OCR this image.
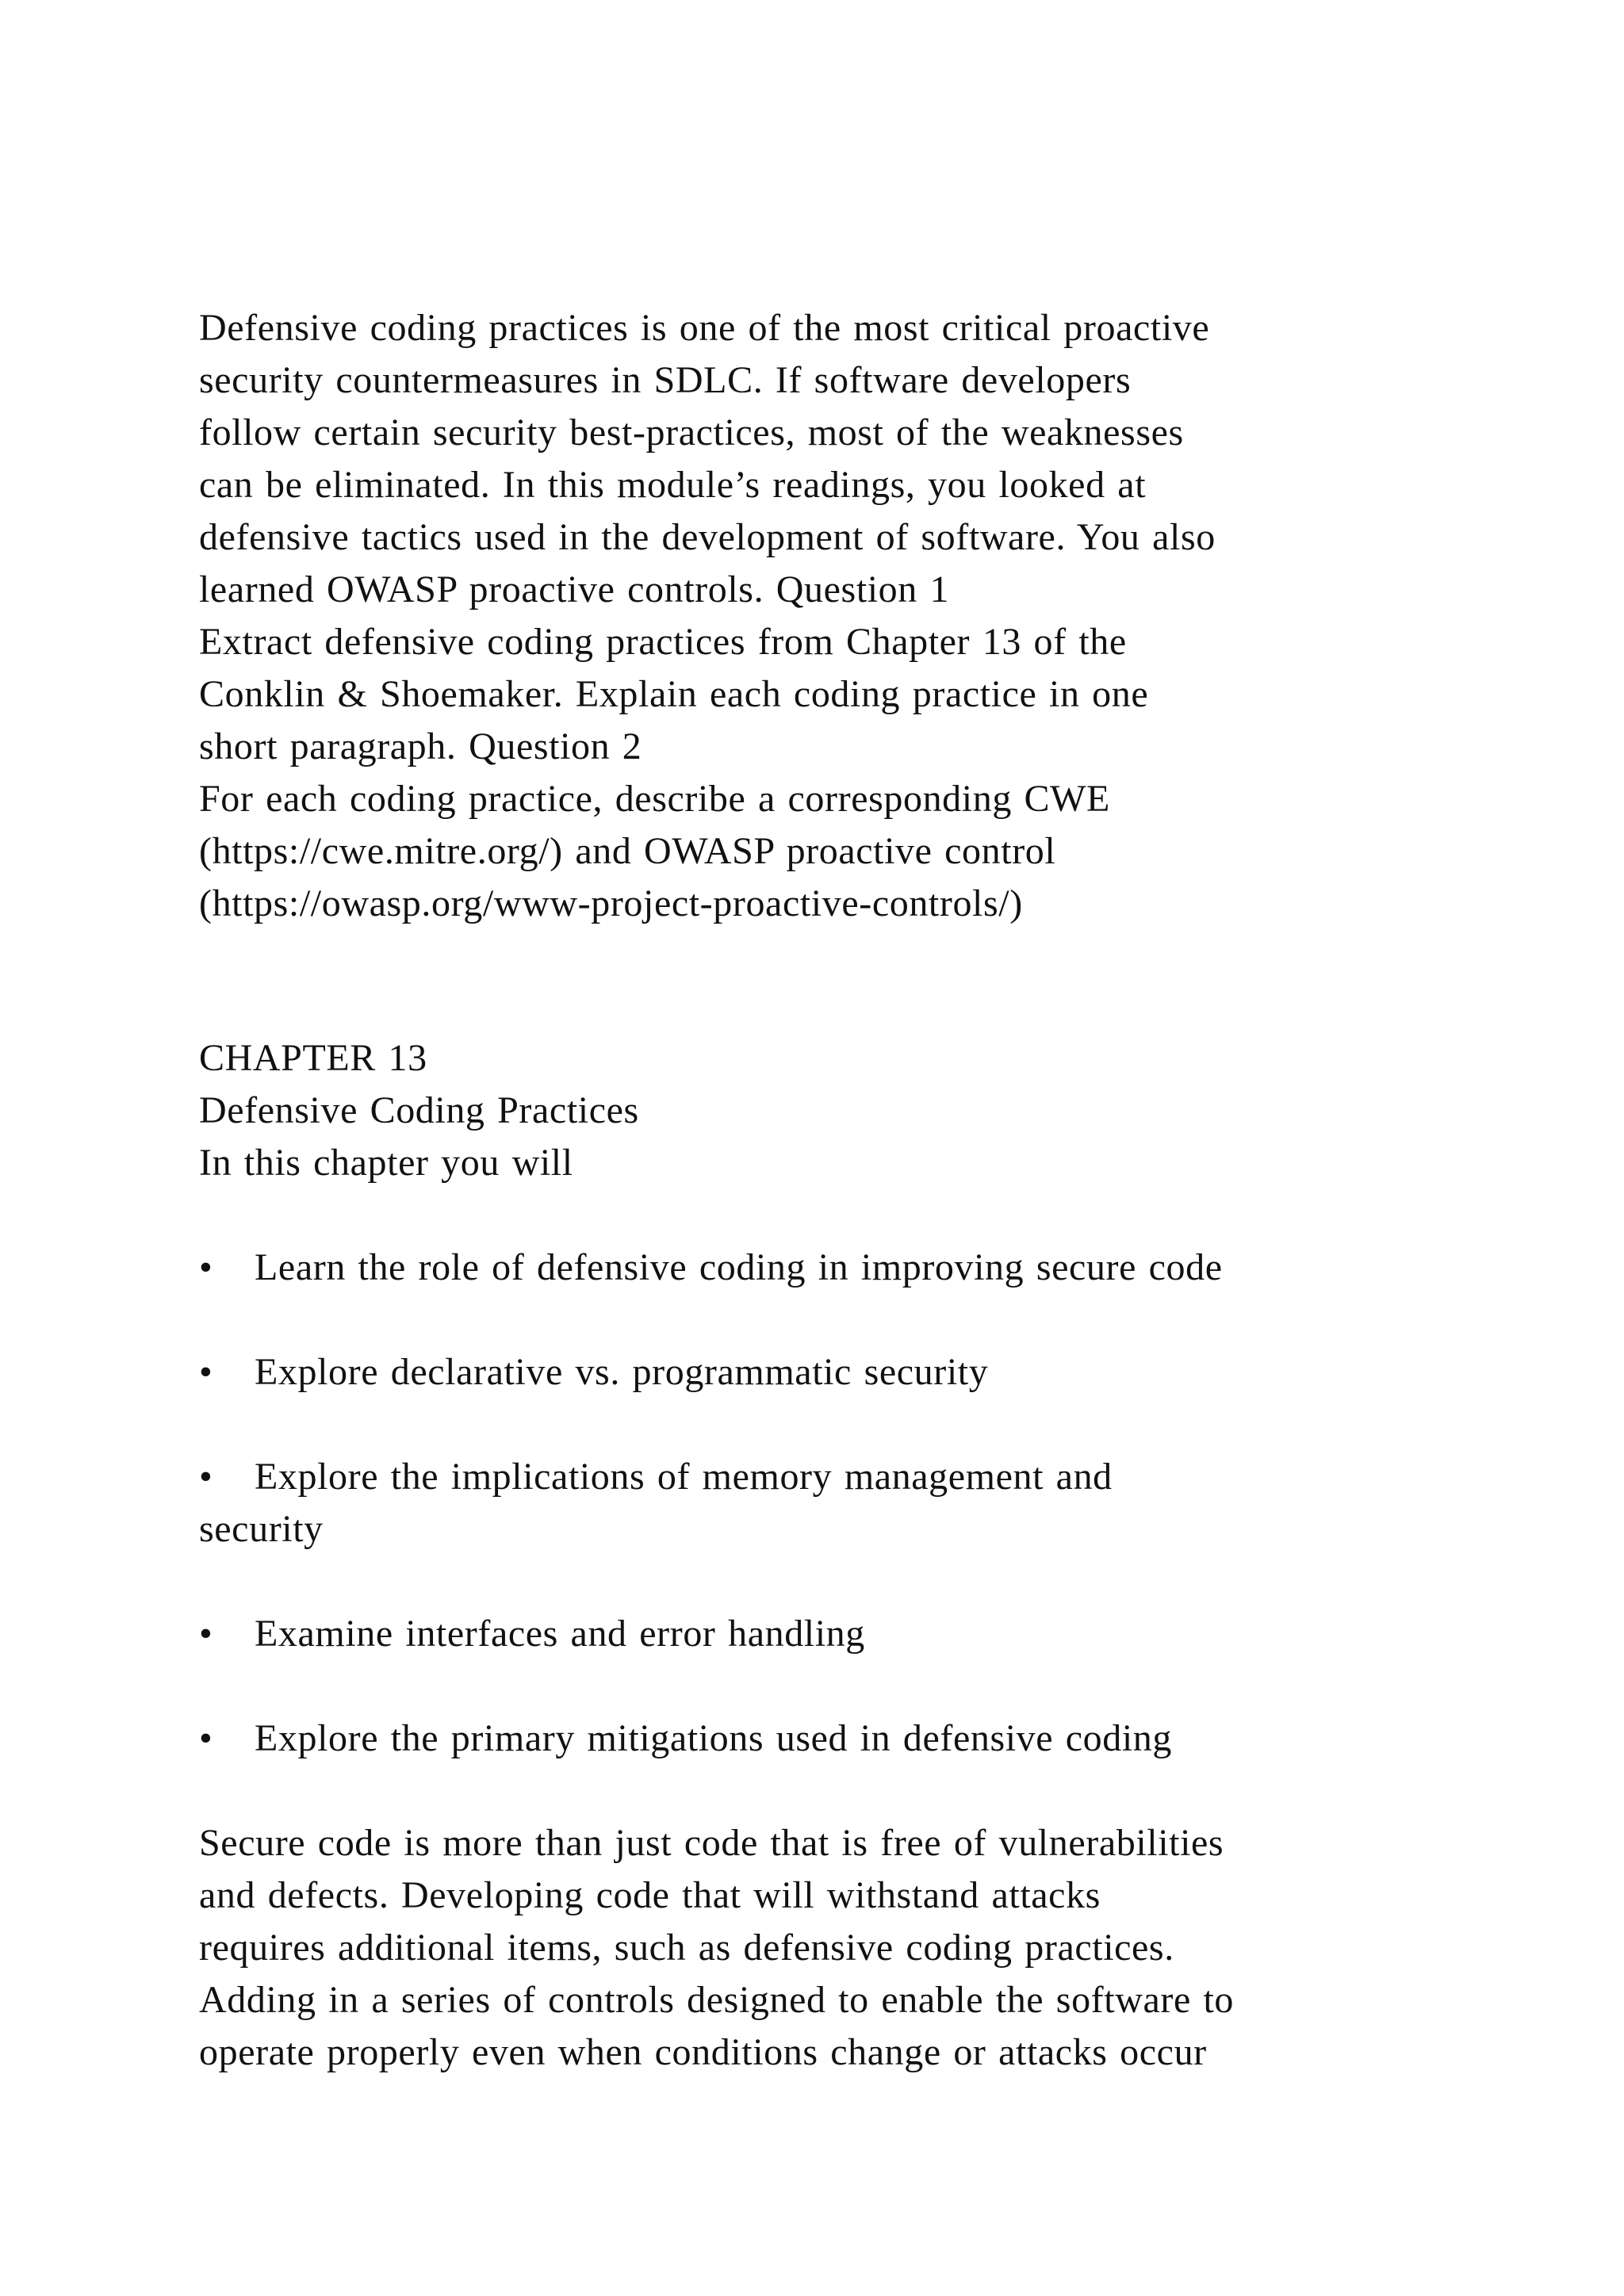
Defensive coding practices is one of the most critical proactive
security countermeasures in SDLC. If software developers
follow certain security best-practices, most of the weaknesses
can be eliminated. In this module’s readings, you looked at
defensive tactics used in the development of software. You also
learned OWASP proactive controls. Question 1
Extract defensive coding practices from Chapter 13 of the
Conklin & Shoemaker. Explain each coding practice in one
short paragraph. Question 2
For each coding practice, describe a corresponding CWE
(https://cwe.mitre.org/) and OWASP proactive control
(https://owasp.org/www-project-proactive-controls/)
CHAPTER 13
Defensive Coding Practices
In this chapter you will
• Learn the role of defensive coding in improving secure code
• Explore declarative vs. programmatic security
• Explore the implications of memory management and
security
• Examine interfaces and error handling
• Explore the primary mitigations used in defensive coding
Secure code is more than just code that is free of vulnerabilities
and defects. Developing code that will withstand attacks
requires additional items, such as defensive coding practices.
Adding in a series of controls designed to enable the software to
operate properly even when conditions change or attacks occur
